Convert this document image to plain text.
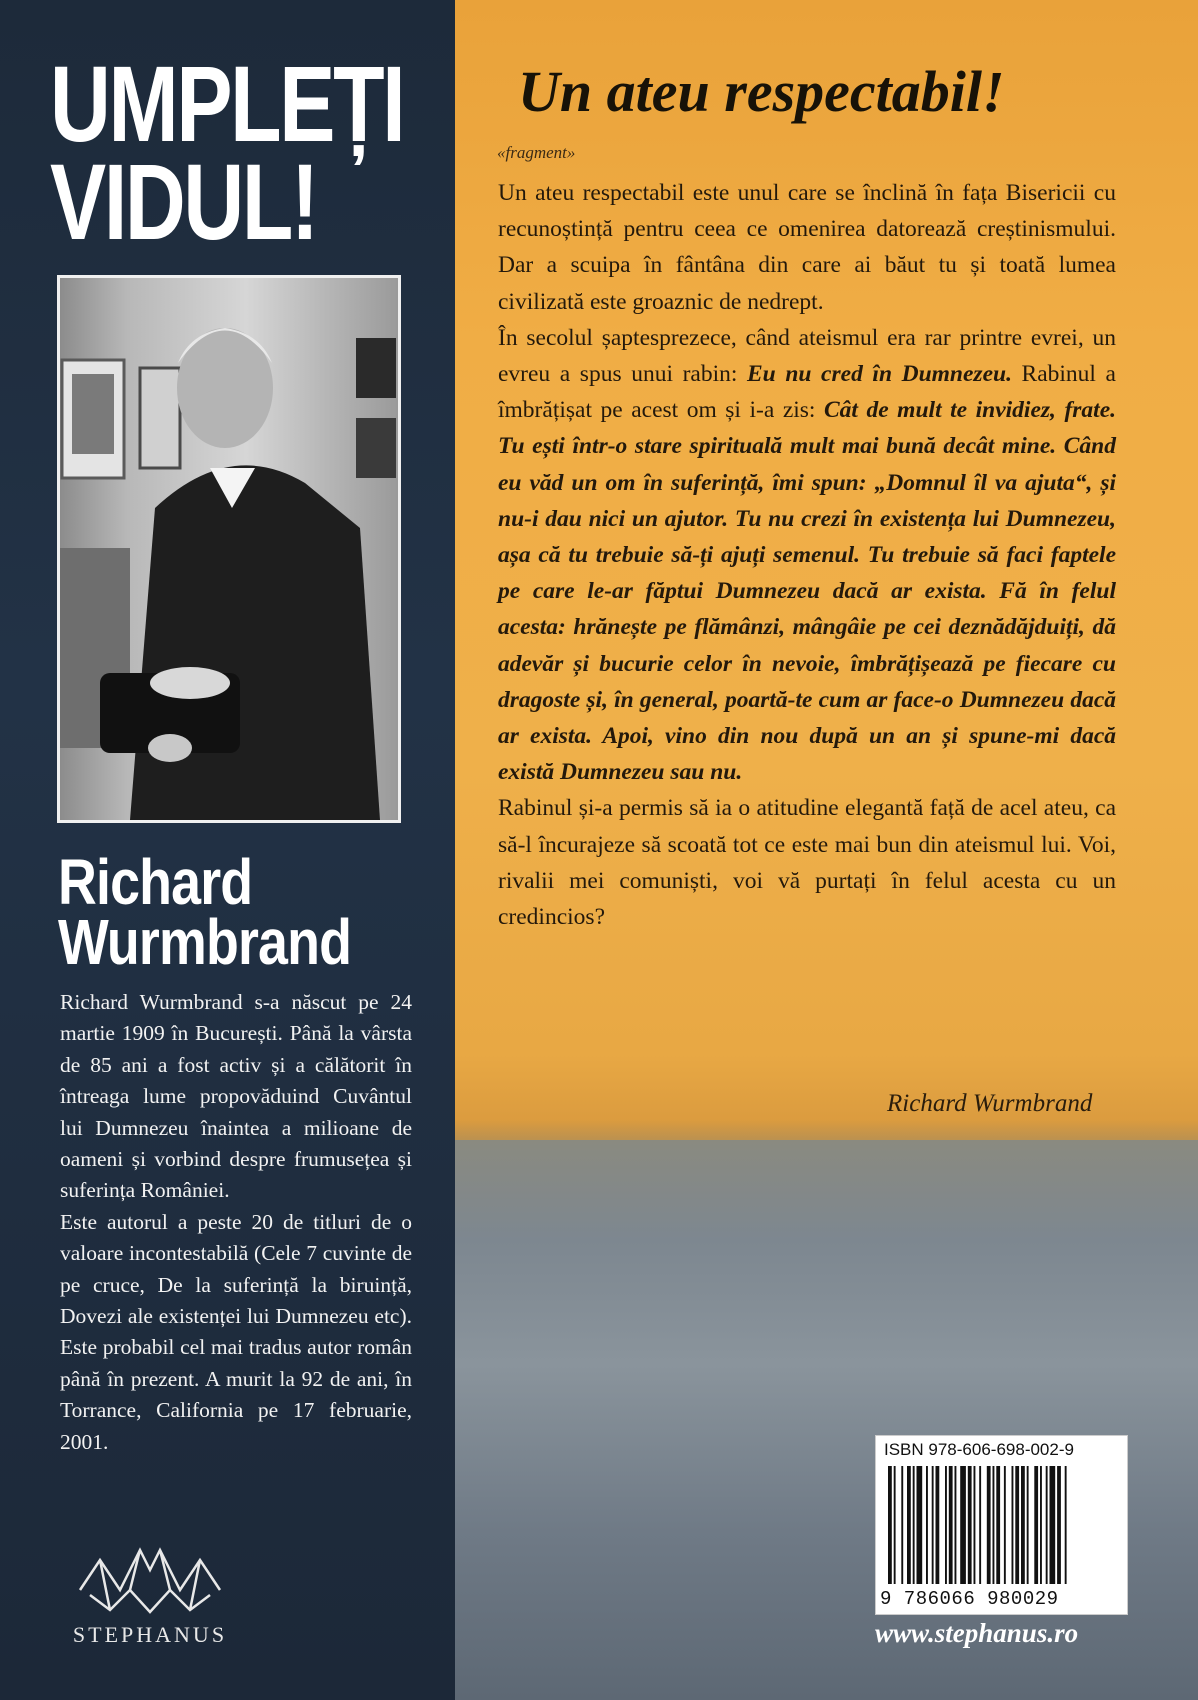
UMPLEȚI
VIDUL!
Richard
Wurmbrand

Richard Wurmbrand s-a născut pe 24 martie 1909 în București. Până la vârsta de 85 ani a fost activ și a călătorit în întreaga lume propovăduind Cuvântul lui Dumnezeu înaintea a milioane de oameni și vorbind despre frumusețea și suferința României.

Este autorul a peste 20 de titluri de o valoare incontestabilă (Cele 7 cuvinte de pe cruce, De la suferință la biruință, Dovezi ale existenței lui Dumnezeu etc). Este probabil cel mai tradus autor român până în prezent. A murit la 92 de ani, în Torrance, California pe 17 februarie, 2001.

STEPHANUS
Un ateu respectabil!
«fragment»

Un ateu respectabil este unul care se înclină în fața Bisericii cu recunoștință pentru ceea ce omenirea datorează creștinismului. Dar a scuipa în fântâna din care ai băut tu și toată lumea civilizată este groaznic de nedrept.

În secolul șaptesprezece, când ateismul era rar printre evrei, un evreu a spus unui rabin: Eu nu cred în Dumnezeu. Rabinul a îmbrățișat pe acest om și i-a zis: Cât de mult te invidiez, frate. Tu ești într-o stare spirituală mult mai bună decât mine. Când eu văd un om în suferință, îmi spun: „Domnul îl va ajuta“, și nu-i dau nici un ajutor. Tu nu crezi în existența lui Dumnezeu, așa că tu trebuie să-ți ajuți semenul. Tu trebuie să faci faptele pe care le-ar făptui Dumnezeu dacă ar exista. Fă în felul acesta: hrănește pe flămânzi, mângâie pe cei deznădăjduiți, dă adevăr și bucurie celor în nevoie, îmbrățișează pe fiecare cu dragoste și, în general, poartă-te cum ar face-o Dumnezeu dacă ar exista. Apoi, vino din nou după un an și spune-mi dacă există Dumnezeu sau nu.

Rabinul și-a permis să ia o atitudine elegantă față de acel ateu, ca să-l încurajeze să scoată tot ce este mai bun din ateismul lui. Voi, rivalii mei comuniști, voi vă purtați în felul acesta cu un credincios?

Richard Wurmbrand
ISBN 978-606-698-002-9
9 786066 980029
www.stephanus.ro
